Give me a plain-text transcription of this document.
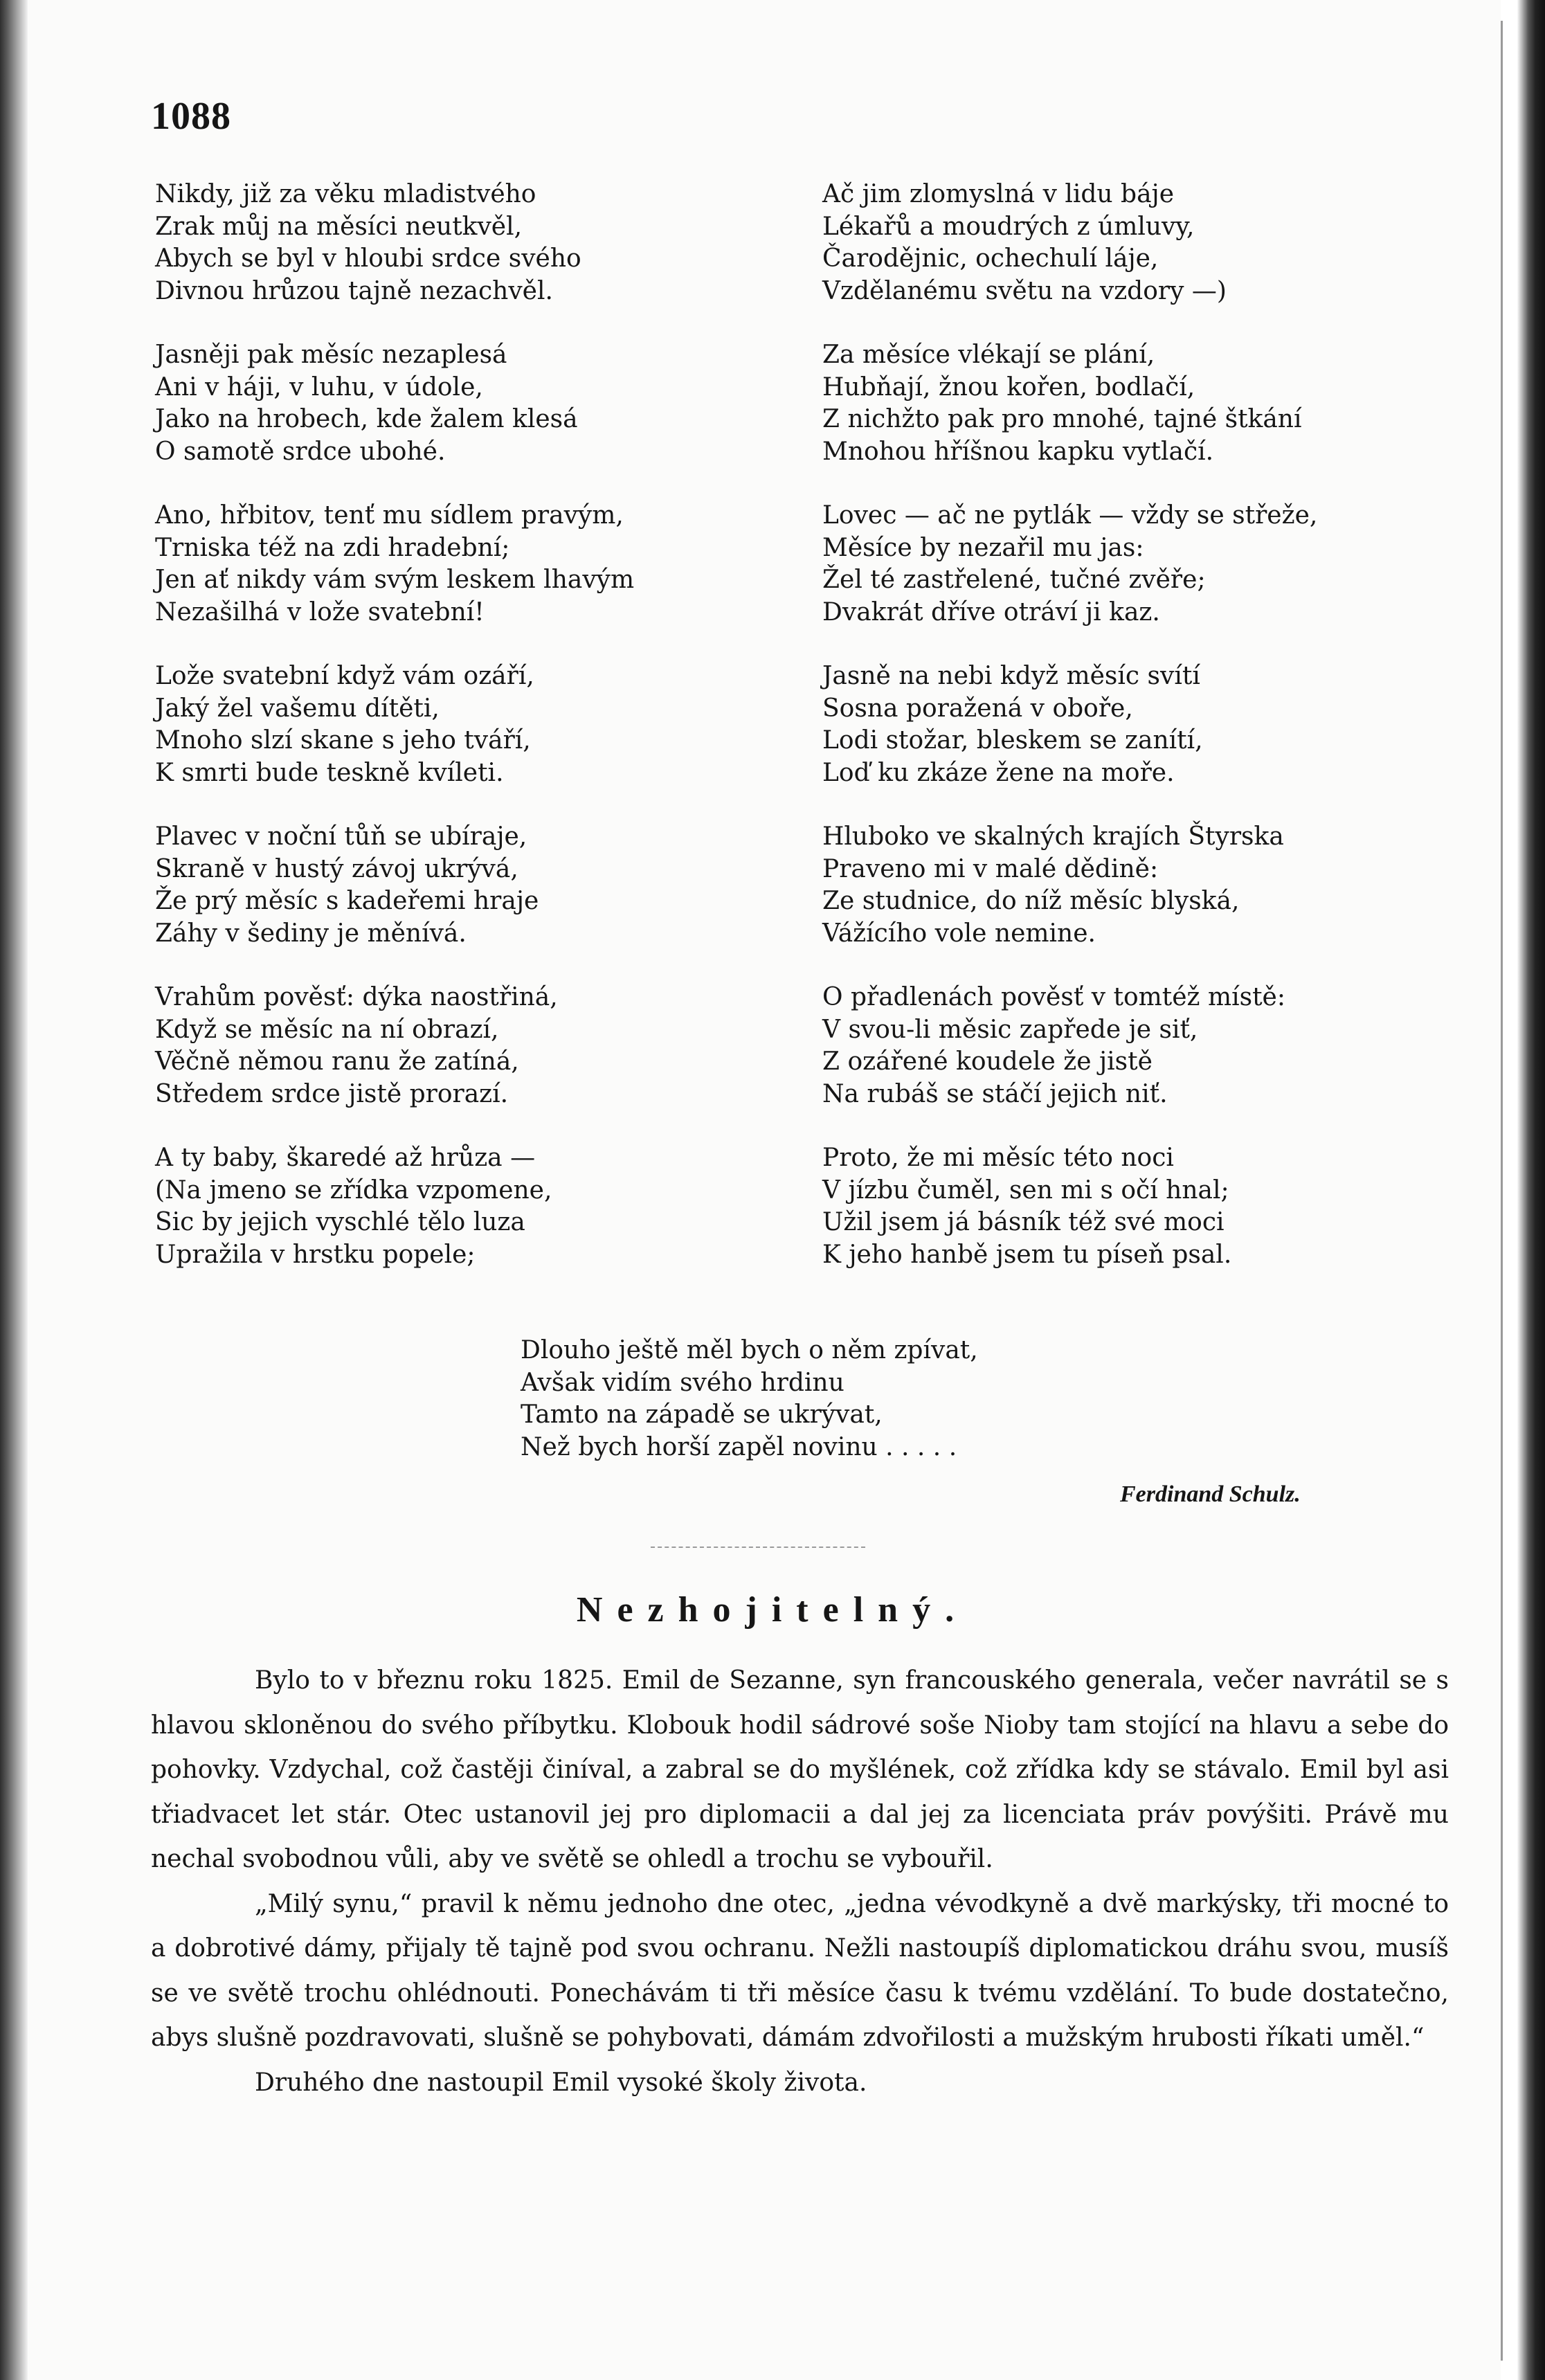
1088
Nikdy, již za věku mladistvého
Zrak můj na měsíci neutkvěl,
Abych se byl v hloubi srdce svého
Divnou hrůzou tajně nezachvěl.
Jasněji pak měsíc nezaplesá
Ani v háji, v luhu, v údole,
Jako na hrobech, kde žalem klesá
O samotě srdce ubohé.
Ano, hřbitov, tenť mu sídlem pravým,
Trniska též na zdi hradební;
Jen ať nikdy vám svým leskem lhavým
Nezašilhá v lože svatební!
Lože svatební když vám ozáří,
Jaký žel vašemu dítěti,
Mnoho slzí skane s jeho tváří,
K smrti bude teskně kvíleti.
Plavec v noční tůň se ubíraje,
Skraně v hustý závoj ukrývá,
Že prý měsíc s kadeřemi hraje
Záhy v šediny je měnívá.
Vrahům pověsť: dýka naostřiná,
Když se měsíc na ní obrazí,
Věčně němou ranu že zatíná,
Středem srdce jistě prorazí.
A ty baby, škaredé až hrůza —
(Na jmeno se zřídka vzpomene,
Sic by jejich vyschlé tělo luza
Upražila v hrstku popele;
Ač jim zlomyslná v lidu báje
Lékařů a moudrých z úmluvy,
Čarodějnic, ochechulí láje,
Vzdělanému světu na vzdory —)
Za měsíce vlékají se plání,
Hubňají, žnou kořen, bodlačí,
Z nichžto pak pro mnohé, tajné štkání
Mnohou hříšnou kapku vytlačí.
Lovec — ač ne pytlák — vždy se střeže,
Měsíce by nezařil mu jas:
Žel té zastřelené, tučné zvěře;
Dvakrát dříve otráví ji kaz.
Jasně na nebi když měsíc svítí
Sosna poražená v oboře,
Lodi stožar, bleskem se zanítí,
Loď ku zkáze žene na moře.
Hluboko ve skalných krajích Štyrska
Praveno mi v malé dědině:
Ze studnice, do níž měsíc blyská,
Vážícího vole nemine.
O přadlenách pověsť v tomtéž místě:
V svou-li měsic zapřede je siť,
Z ozářené koudele že jistě
Na rubáš se stáčí jejich niť.
Proto, že mi měsíc této noci
V jízbu čuměl, sen mi s očí hnal;
Užil jsem já básník též své moci
K jeho hanbě jsem tu píseň psal.
Dlouho ještě měl bych o něm zpívat,
Avšak vidím svého hrdinu
Tamto na západě se ukrývat,
Než bych horší zapěl novinu . . . . .
Ferdinand Schulz.
Nezhojitelný.

Bylo to v březnu roku 1825. Emil de Sezanne, syn francouského generala, večer navrátil se s hlavou skloněnou do svého příbytku. Klobouk hodil sádrové soše Nioby tam stojící na hlavu a sebe do pohovky. Vzdychal, což častěji činíval, a zabral se do myšlének, což zřídka kdy se stávalo. Emil byl asi třiadvacet let stár. Otec ustanovil jej pro diplomacii a dal jej za licenciata práv povýšiti. Právě mu nechal svobodnou vůli, aby ve světě se ohledl a trochu se vybouřil.

„Milý synu,“ pravil k němu jednoho dne otec, „jedna vévodkyně a dvě markýsky, tři mocné to a dobrotivé dámy, přijaly tě tajně pod svou ochranu. Nežli nastoupíš diplomatickou dráhu svou, musíš se ve světě trochu ohlédnouti. Ponechávám ti tři měsíce času k tvému vzdělání. To bude dostatečno, abys slušně pozdravovati, slušně se pohybovati, dámám zdvořilosti a mužským hrubosti říkati uměl.“

Druhého dne nastoupil Emil vysoké školy života.
